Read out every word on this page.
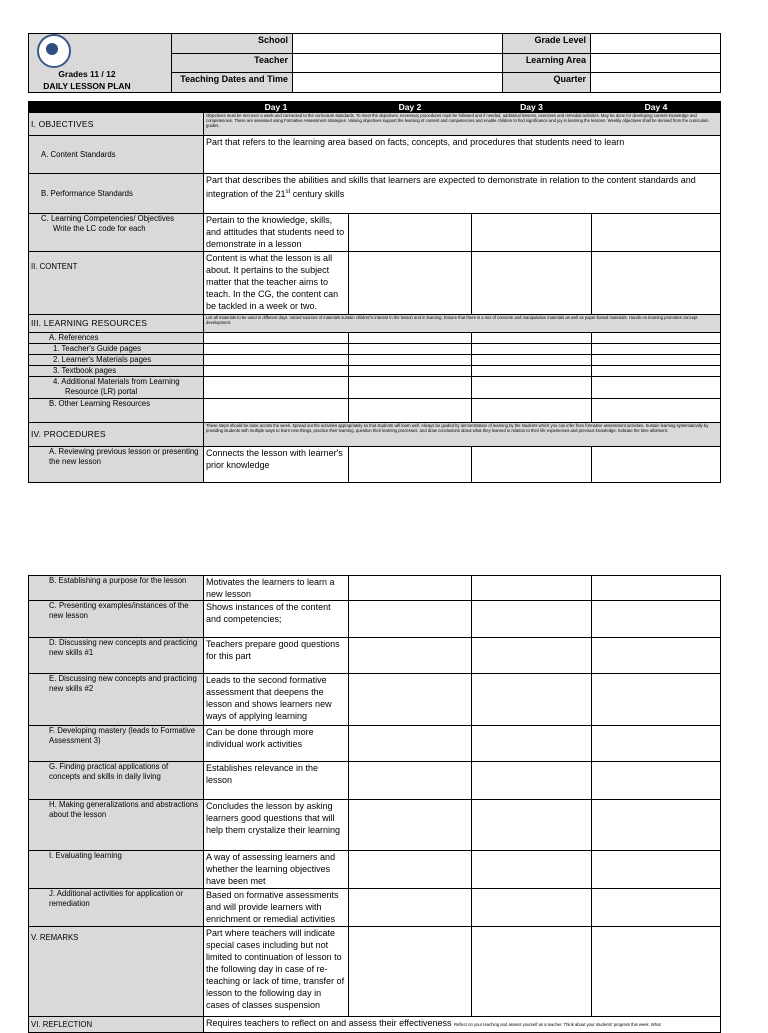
Grades 11 / 12
DAILY LESSON PLAN	School		Grade Level	
	Teacher		Learning Area	
	Teaching Dates and Time		Quarter	
	Day 1	Day 2	Day 3	Day 4
I. OBJECTIVES	Objectives must be met over a week and connected to the curriculum standards. To meet the objectives, necessary procedures must be followed and if needed, additional lessons, exercises and remedial activities. May be done for developing content knowledge and competencies. These are assessed using Formative Assessment strategies. Valuing objectives support the learning of content and competencies and enable children to find significance and joy in learning the lessons. Weekly objectives shall be derived from the curriculum guides.			
A. Content Standards	Part that refers to the learning area based on facts, concepts, and procedures that students need to learn			
B. Performance Standards	Part that describes the abilities and skills that learners are expected to demonstrate in relation to the content standards and integration of the 21st century skills			
C. Learning Competencies/ Objectives
Write the LC code for each	Pertain to the knowledge, skills, and attitudes that students need to demonstrate in a lesson			
II. CONTENT	Content is what the lesson is all about. It pertains to the subject matter that the teacher aims to teach. In the CG, the content can be tackled in a week or two.			
III. LEARNING RESOURCES	List all materials to be used in different days. Varied sources of materials sustain children's interest in the lesson and in learning. Ensure that there is a mix of concrete and manipulative materials as well as paper-based materials. Hands-on learning promotes concept development.			
A. References				
1. Teacher's Guide pages				
2. Learner's Materials pages				
3. Textbook pages				
4. Additional Materials from Learning
Resource (LR) portal				
B. Other Learning Resources				
IV. PROCEDURES	These steps should be done across the week. Spread out the activities appropriately so that students will learn well. Always be guided by demonstration of learning by the students which you can infer from formative assessment activities. Sustain learning systematically by providing students with multiple ways to learn new things, practice their learning, question their learning processes, and draw conclusions about what they learned in relation to their life experiences and previous knowledge. Indicate the time allotment.			
A. Reviewing previous lesson or presenting the new lesson	Connects the lesson with learner's prior knowledge			
B. Establishing a purpose for the lesson	Motivates the learners to learn a new lesson			
C. Presenting examples/instances of the new lesson	Shows instances of the content and competencies;			
D. Discussing new concepts and practicing new skills #1	Teachers prepare good questions for this part			
E. Discussing new concepts and practicing new skills #2	Leads to the second formative assessment that deepens the lesson and shows learners new ways of applying learning			
F. Developing mastery (leads to Formative Assessment 3)	Can be done through more individual work activities			
G. Finding practical applications of concepts and skills in daily living	Establishes relevance in the lesson			
H. Making generalizations and abstractions about the lesson	Concludes the lesson by asking learners good questions that will help them crystalize their learning			
I. Evaluating learning	A way of assessing learners and whether the learning objectives have been met			
J. Additional activities for application or remediation	Based on formative assessments and will provide learners with enrichment or remedial activities			
V. REMARKS	Part where teachers will indicate special cases including but not limited to continuation of lesson to the following day in case of re-teaching or lack of time, transfer of lesson to the following day in cases of classes suspension			
VI. REFLECTION	Requires teachers to reflect on and assess their effectiveness Reflect on your teaching and assess yourself as a teacher. Think about your students' progress this week. What			
